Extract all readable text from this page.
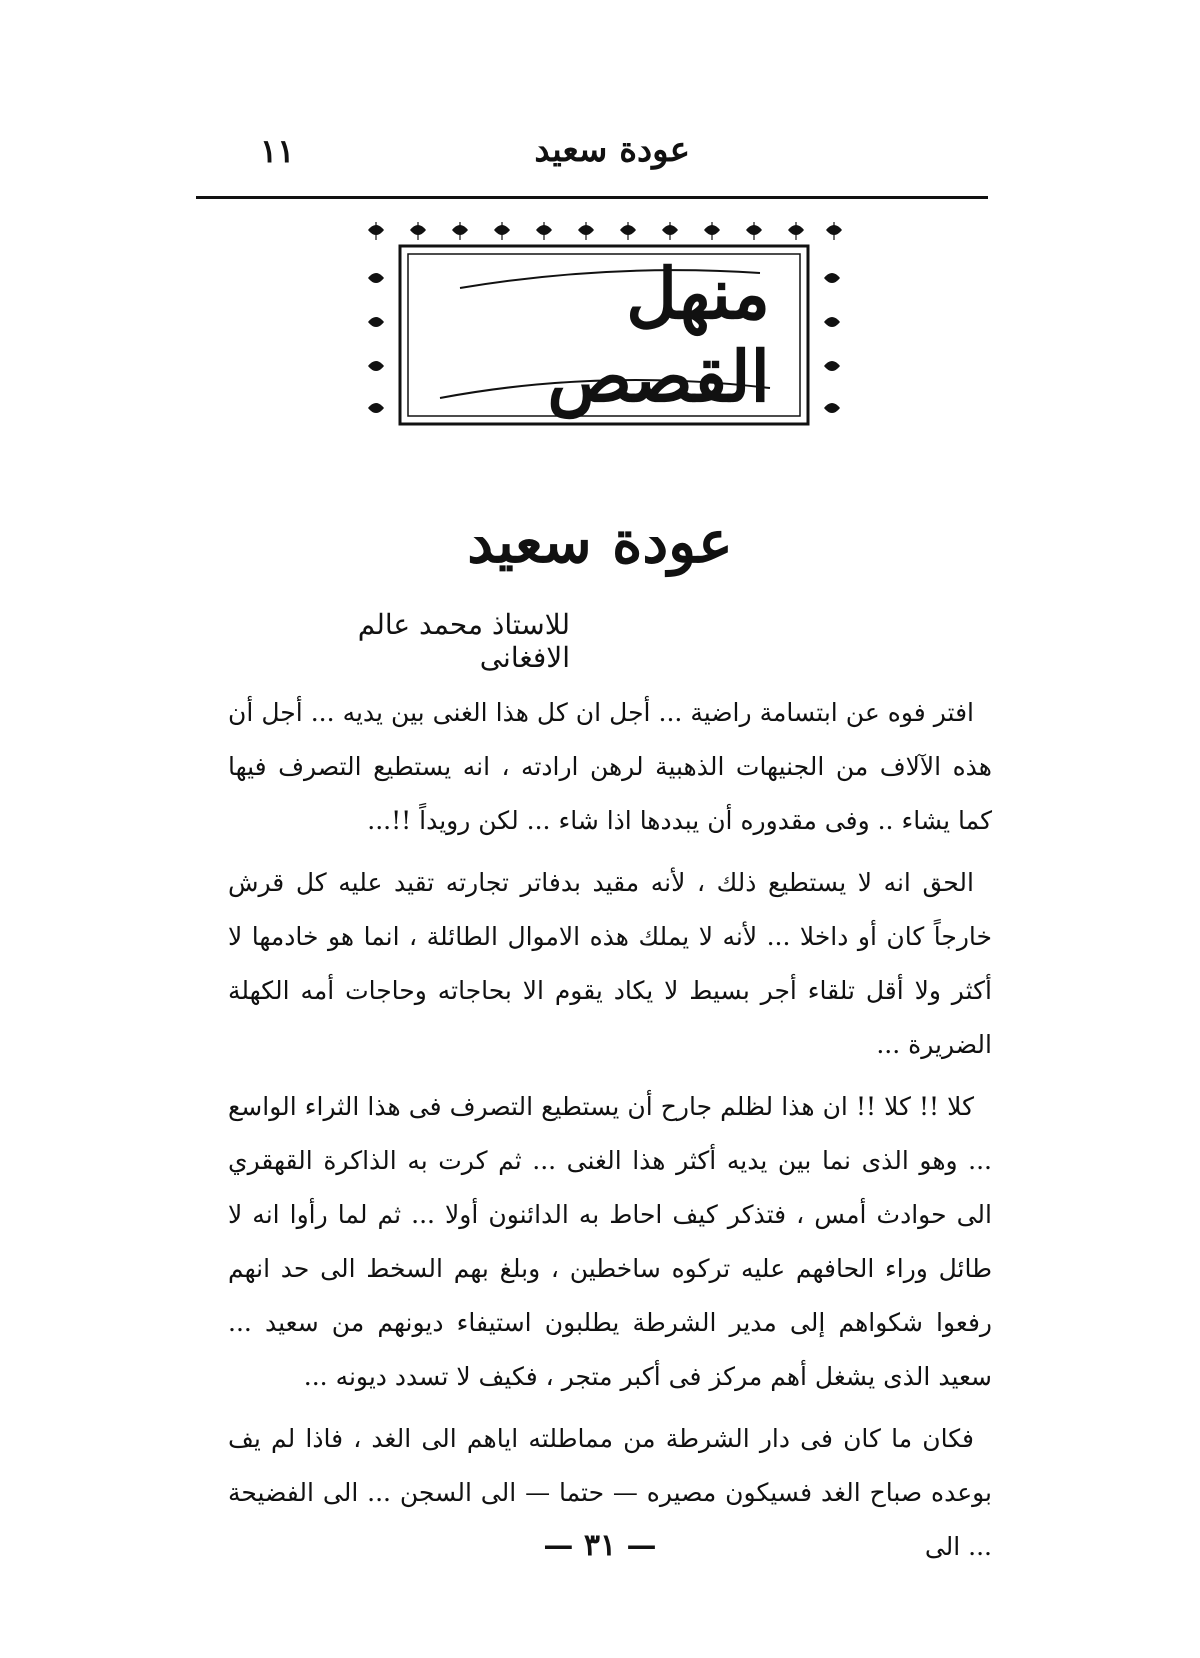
عودة سعيد
١١
منهل القصص
عودة سعيد
للاستاذ محمد عالم الافغانى

افتر فوه عن ابتسامة راضية ... أجل ان كل هذا الغنى بين يديه ... أجل أن هذه الآلاف من الجنيهات الذهبية لرهن ارادته ، انه يستطيع التصرف فيها كما يشاء .. وفى مقدوره أن يبددها اذا شاء ... لكن رويداً !!...

الحق انه لا يستطيع ذلك ، لأنه مقيد بدفاتر تجارته تقيد عليه كل قرش خارجاً كان أو داخلا ... لأنه لا يملك هذه الاموال الطائلة ، انما هو خادمها لا أكثر ولا أقل تلقاء أجر بسيط لا يكاد يقوم الا بحاجاته وحاجات أمه الكهلة الضريرة ...

كلا !! كلا !! ان هذا لظلم جارح أن يستطيع التصرف فى هذا الثراء الواسع ... وهو الذى نما بين يديه أكثر هذا الغنى ... ثم كرت به الذاكرة القهقري الى حوادث أمس ، فتذكر كيف احاط به الدائنون أولا ... ثم لما رأوا انه لا طائل وراء الحافهم عليه تركوه ساخطين ، وبلغ بهم السخط الى حد انهم رفعوا شكواهم إلى مدير الشرطة يطلبون استيفاء ديونهم من سعيد ... سعيد الذى يشغل أهم مركز فى أكبر متجر ، فكيف لا تسدد ديونه ...

فكان ما كان فى دار الشرطة من مماطلته اياهم الى الغد ، فاذا لم يف بوعده صباح الغد فسيكون مصيره — حتما — الى السجن ... الى الفضيحة ... الى

— ٣١ —
